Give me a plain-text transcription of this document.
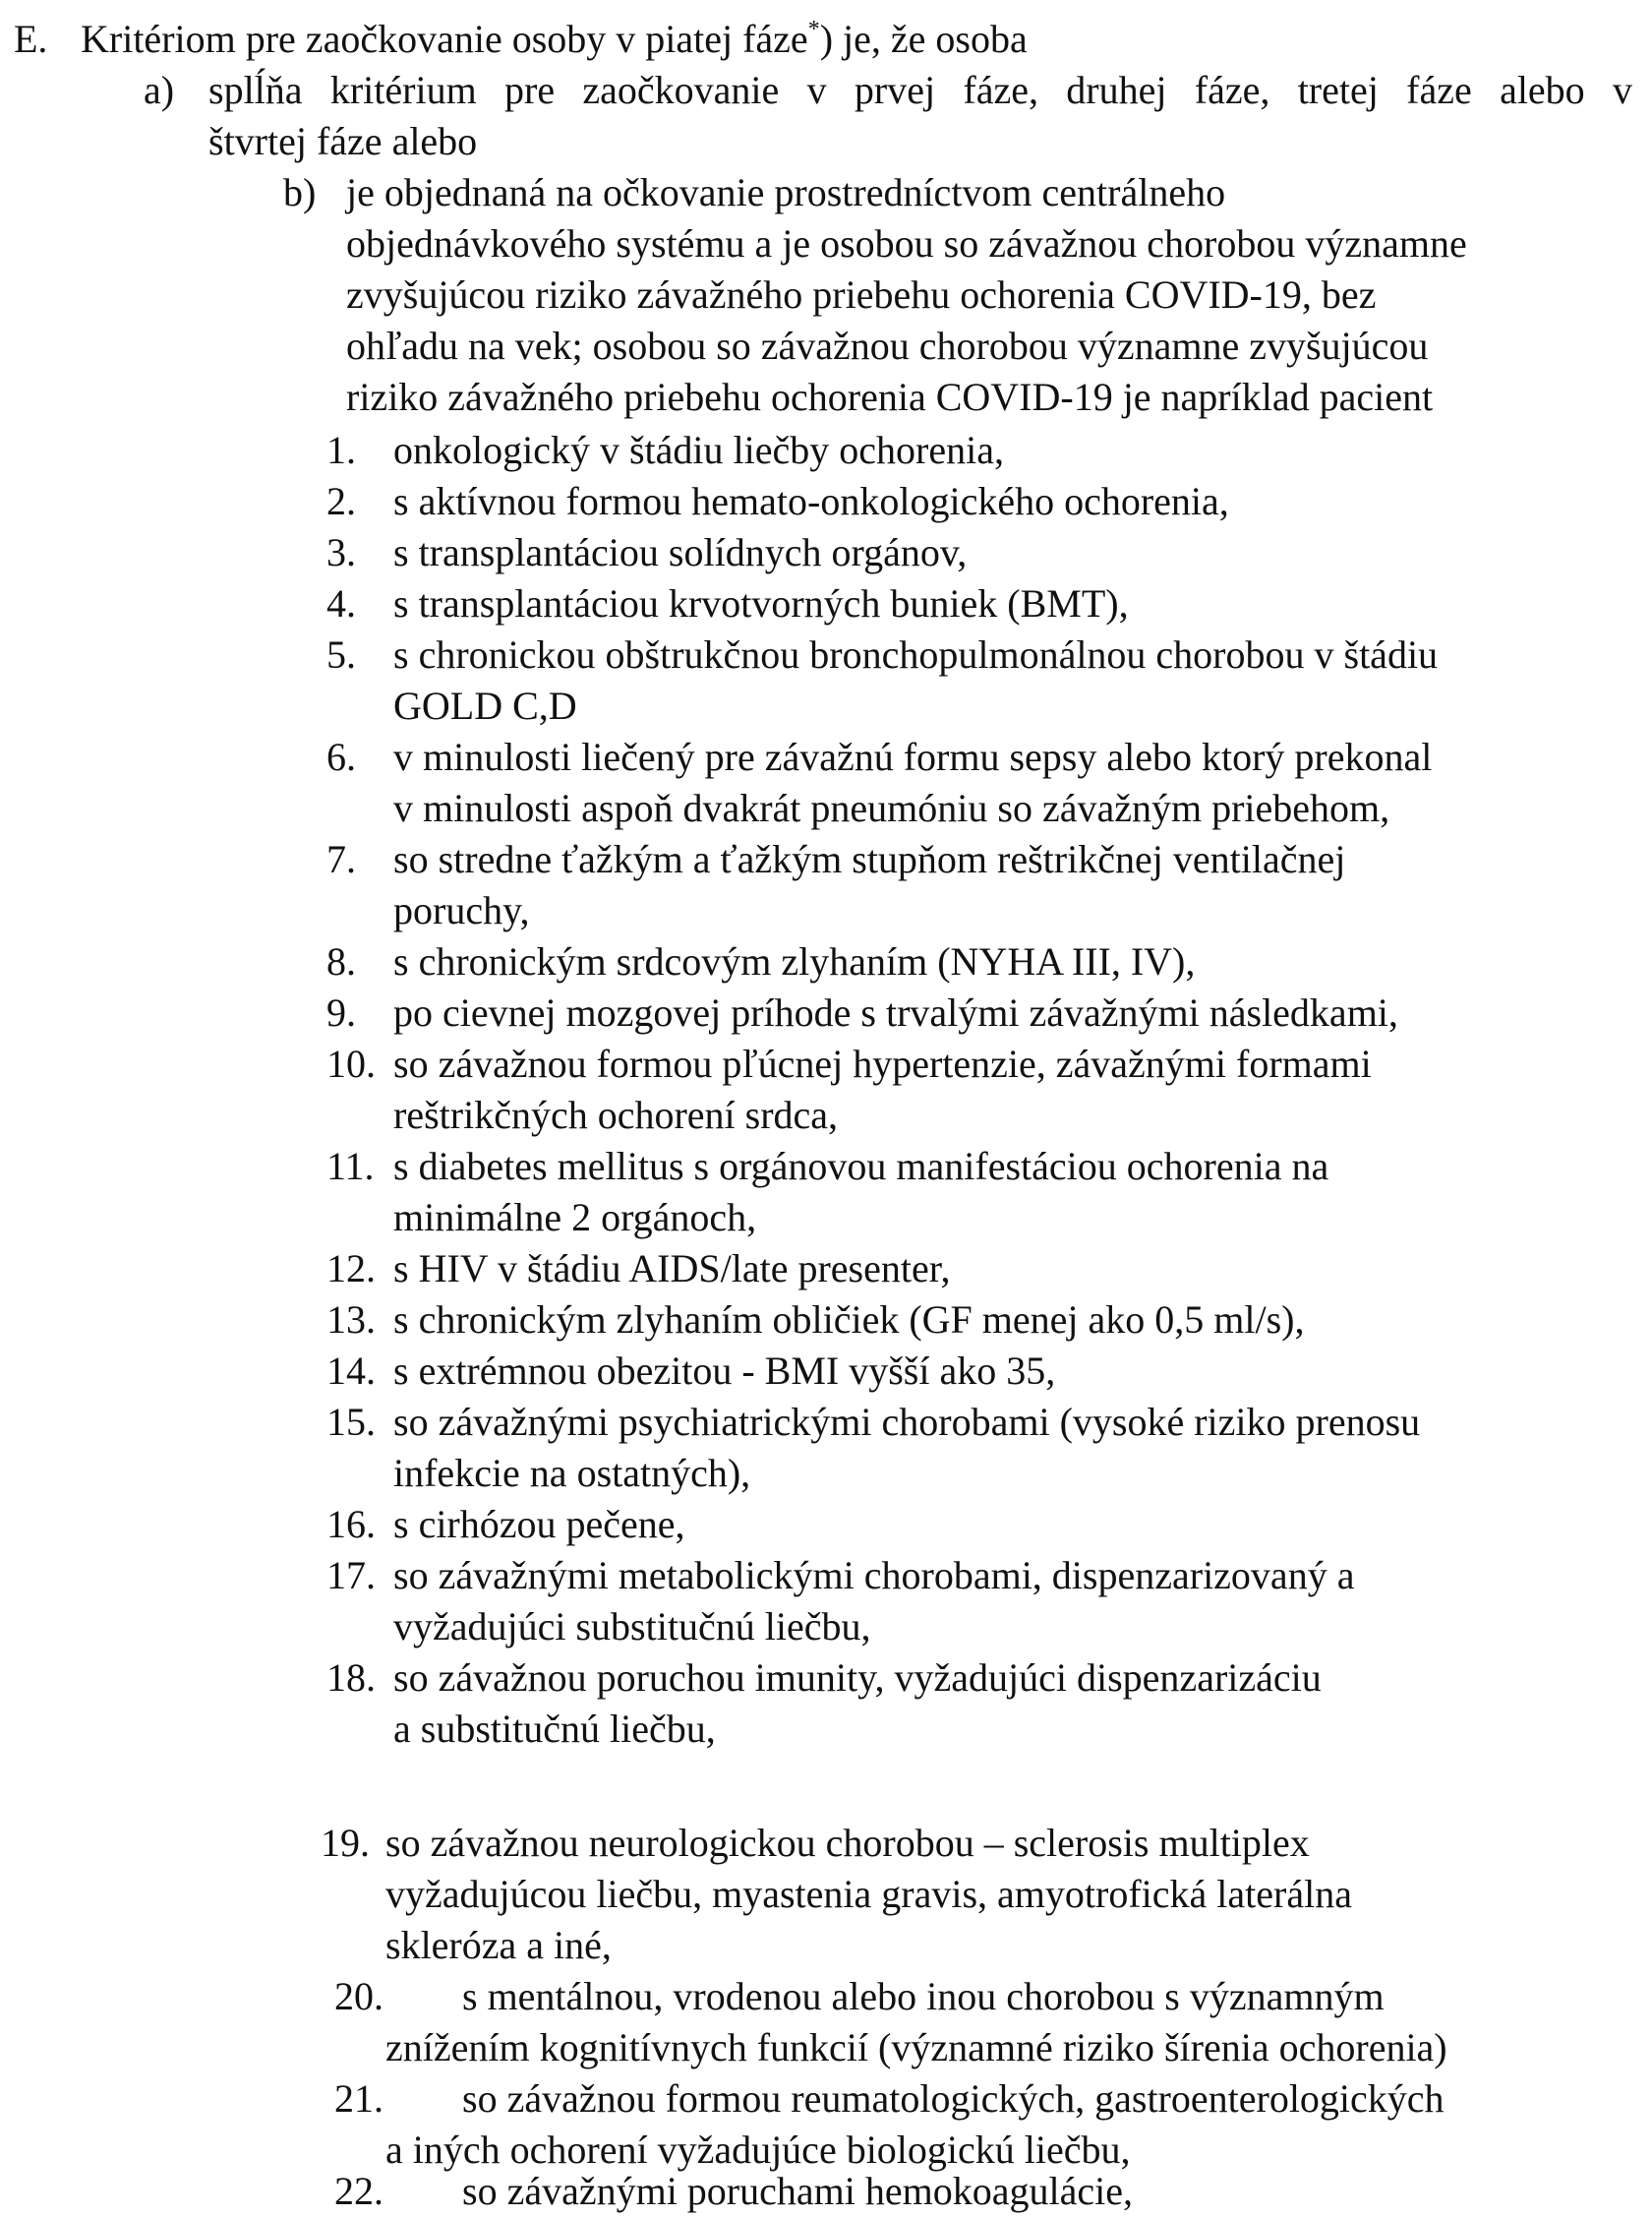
E. Kritériom pre zaočkovanie osoby v piatej fáze*) je, že osoba
a) splĺňa kritérium pre zaočkovanie v prvej fáze, druhej fáze, tretej fáze alebo v
štvrtej fáze alebo
b) je objednaná na očkovanie prostredníctvom centrálneho
objednávkového systému a je osobou so závažnou chorobou významne
zvyšujúcou riziko závažného priebehu ochorenia COVID-19, bez
ohľadu na vek; osobou so závažnou chorobou významne zvyšujúcou
riziko závažného priebehu ochorenia COVID-19 je napríklad pacient
1. onkologický v štádiu liečby ochorenia,
2. s aktívnou formou hemato-onkologického ochorenia,
3. s transplantáciou solídnych orgánov,
4. s transplantáciou krvotvorných buniek (BMT),
5. s chronickou obštrukčnou bronchopulmonálnou chorobou v štádiu
GOLD C,D
6. v minulosti liečený pre závažnú formu sepsy alebo ktorý prekonal
v minulosti aspoň dvakrát pneumóniu so závažným priebehom,
7. so stredne ťažkým a ťažkým stupňom reštrikčnej ventilačnej
poruchy,
8. s chronickým srdcovým zlyhaním (NYHA III, IV),
9. po cievnej mozgovej príhode s trvalými závažnými následkami,
10. so závažnou formou pľúcnej hypertenzie, závažnými formami
reštrikčných ochorení srdca,
11. s diabetes mellitus s orgánovou manifestáciou ochorenia na
minimálne 2 orgánoch,
12. s HIV v štádiu AIDS/late presenter,
13. s chronickým zlyhaním obličiek (GF menej ako 0,5 ml/s),
14. s extrémnou obezitou - BMI vyšší ako 35,
15. so závažnými psychiatrickými chorobami (vysoké riziko prenosu
infekcie na ostatných),
16. s cirhózou pečene,
17. so závažnými metabolickými chorobami, dispenzarizovaný a
vyžadujúci substitučnú liečbu,
18. so závažnou poruchou imunity, vyžadujúci dispenzarizáciu
a substitučnú liečbu,
19. so závažnou neurologickou chorobou – sclerosis multiplex
vyžadujúcou liečbu, myastenia gravis, amyotrofická laterálna
skleróza a iné,
20. s mentálnou, vrodenou alebo inou chorobou s významným
znížením kognitívnych funkcií (významné riziko šírenia ochorenia)
21. so závažnou formou reumatologických, gastroenterologických
a iných ochorení vyžadujúce biologickú liečbu,
22. so závažnými poruchami hemokoagulácie,
